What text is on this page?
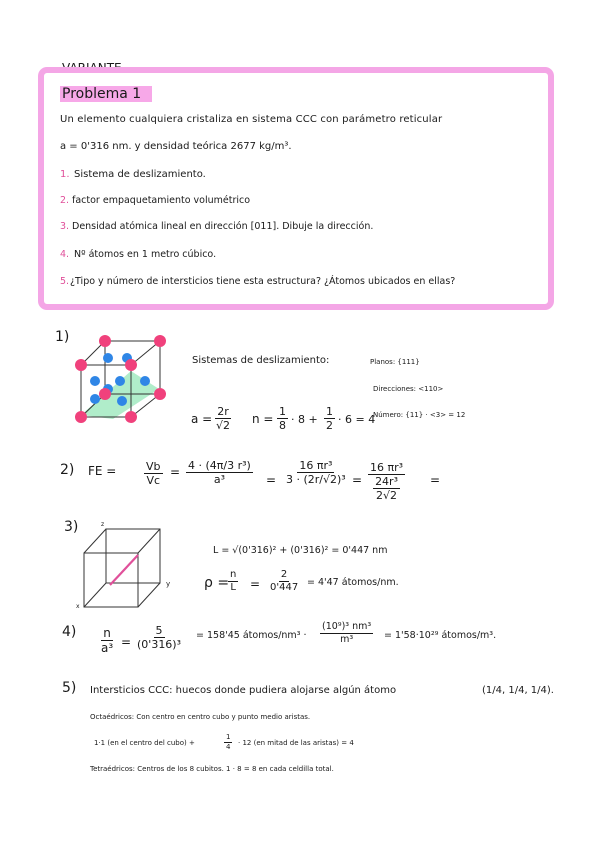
VARIANTE
Problema 1
Un elemento cualquiera cristaliza en sistema CCC con parámetro reticular
a = 0'316 nm. y densidad teórica 2677 kg/m³.
1. Sistema de deslizamiento.
2. factor empaquetamiento volumétrico
3. Densidad atómica lineal en dirección [011]. Dibuje la dirección.
4. Nº átomos en 1 metro cúbico.
5. ¿Tipo y número de intersticios tiene esta estructura? ¿Átomos ubicados en ellas?
1)
Sistemas de deslizamiento:	Planos: {111}
Direcciones: <110>
Número: {11} · <3> = 12
$a = \frac{2r}{√2}$ $n = \frac{1}{8} \cdot 8 + \frac{1}{2} \cdot 6 = 4$
2) FE =	$\frac{Vb}{Vc} = \frac{\text{4 · (4π/3 r³)}}{\text{a³}} = \frac{\text{16 πr³}}{\text{3 · (2r/√2)³}} = \frac{\text{16 πr³}}{\frac{\text{24r³}}{2√2}}$ =
3)	z
y
x
L = √(0'316)² + (0'316)² = 0'447 nm
ρ =
$\frac{n}{L} = \frac{2}{0'447} = 4'47$ átomos/nm.
$4) \frac{n}{\text{a³}} = \frac{5}{\text{(0'316)³}} = 158'45$ átomos/nm³ · $\frac{\text{(10⁹)³ nm³}}{\text{m³}} = 1'58\cdot 10^{29}$ átomos/m³.
5) Intersticios CCC: huecos donde pudiera alojarse algún átomo	(1/4, 1/4, 1/4).
Octaédricos: Con centro en centro cubo y punto medio aristas.
1·1 (en el centro del cubo) +	$\frac{1}{4} \cdot 12$ (en mitad de las aristas) = 4
Tetraédricos: Centros de los 8 cubitos. 1 · 8 = 8 en cada celdilla total.
